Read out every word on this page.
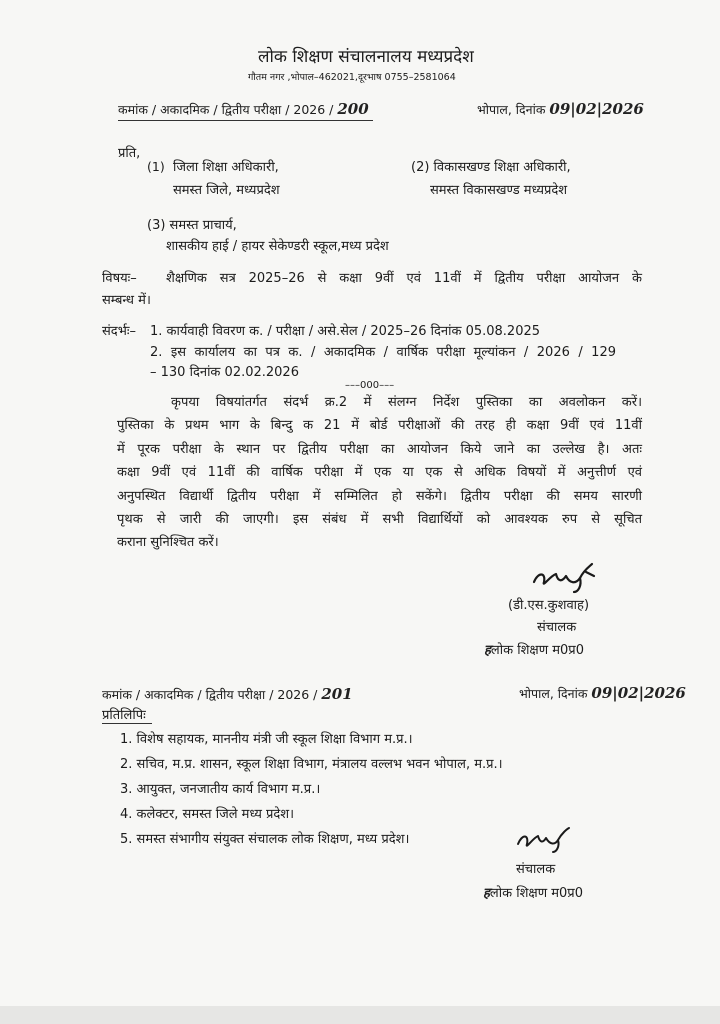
लोक शिक्षण संचालनालय मध्यप्रदेश
गौतम नगर ,भोपाल–462021,दूरभाष 0755–2581064
कमांक / अकादमिक / द्वितीय परीक्षा / 2026 / 200	भोपाल, दिनांक 09|02|2026
प्रति,
(1) जिला शिक्षा अधिकारी,
समस्त जिले, मध्यप्रदेश
(2) विकासखण्ड शिक्षा अधिकारी,
समस्त विकासखण्ड मध्यप्रदेश
(3) समस्त प्राचार्य,
शासकीय हाई / हायर सेकेण्डरी स्कूल,मध्य प्रदेश
विषयः– शैक्षणिक सत्र 2025–26 से कक्षा 9वीं एवं 11वीं में द्वितीय परीक्षा आयोजन के
सम्बन्ध में।
संदर्भः– 1. कार्यवाही विवरण क. / परीक्षा / असे.सेल / 2025–26 दिनांक 05.08.2025
2. इस कार्यालय का पत्र क. / अकादमिक / वार्षिक परीक्षा मूल्यांकन / 2026 / 129
– 130 दिनांक 02.02.2026
–––000–––
कृपया विषयांतर्गत संदर्भ क्र.2 में संलग्न निर्देश पुस्तिका का अवलोकन करें।
पुस्तिका के प्रथम भाग के बिन्दु क 21 में बोर्ड परीक्षाओं की तरह ही कक्षा 9वीं एवं 11वीं
में पूरक परीक्षा के स्थान पर द्वितीय परीक्षा का आयोजन किये जाने का उल्लेख है। अतः
कक्षा 9वीं एवं 11वीं की वार्षिक परीक्षा में एक या एक से अधिक विषयों में अनुत्तीर्ण एवं
अनुपस्थित विद्यार्थी द्वितीय परीक्षा में सम्मिलित हो सकेंगे। द्वितीय परीक्षा की समय सारणी
पृथक से जारी की जाएगी। इस संबंध में सभी विद्यार्थियों को आवश्यक रुप से सूचित
कराना सुनिश्चित करें।
(डी.एस.कुशवाह)
संचालक
हलोक शिक्षण म0प्र0
कमांक / अकादमिक / द्वितीय परीक्षा / 2026 / 201	भोपाल, दिनांक 09|02|2026
प्रतिलिपिः
1. विशेष सहायक, माननीय मंत्री जी स्कूल शिक्षा विभाग म.प्र.।
2. सचिव, म.प्र. शासन, स्कूल शिक्षा विभाग, मंत्रालय वल्लभ भवन भोपाल, म.प्र.।
3. आयुक्त, जनजातीय कार्य विभाग म.प्र.।
4. कलेक्टर, समस्त जिले मध्य प्रदेश।
5. समस्त संभागीय संयुक्त संचालक लोक शिक्षण, मध्य प्रदेश।
संचालक
हलोक शिक्षण म0प्र0
